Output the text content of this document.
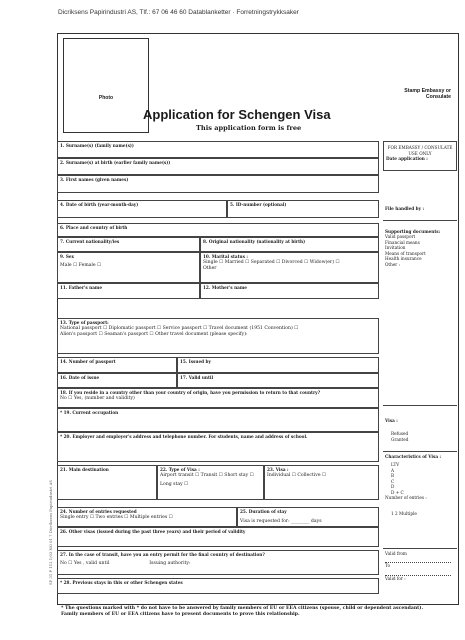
Dicriksens Papirindustri AS, Tlf.: 67 06 46 60 Datablanketter · Forretningstrykksaker
Photo
Stamp Embassy or Consulate
Application for Schengen Visa
This application form is free
1. Surname(s) (family name(s))
2. Surname(s) at birth (earlier family name(s))
3. First names (given names)
4. Date of birth (year-month-day)	5. ID-number (optional)
6. Place and country of birth
7. Current nationality/ies	8. Original nationality (nationality at birth)
9. Sex
Male ☐ Female ☐
10. Marital status :
Single ☐ Married ☐ Separated ☐ Divorced ☐ Widow(er) ☐
Other
11. Father's name	12. Mother's name
13. Type of passport:
National passport ☐ Diplomatic passport ☐ Service passport ☐ Travel document (1951 Convention) ☐
Alien's passport ☐ Seaman's passport ☐ Other travel document (please specify):
14. Number of passport	15. Issued by
16. Date of issue	17. Valid until
18. If you reside in a country other than your country of origin, have you permission to return to that country?
No ☐ Yes, (number and validity)
* 19. Current occupation
* 20. Employer and employer's address and telephone number. For students, name and address of school.
21. Main destination	22. Type of Visa :
Airport transit ☐ Transit ☐ Short stay ☐
Long stay ☐
23. Visa :
Individual ☐ Collective ☐
24. Number of entries requested
Single entry ☐ Two entries ☐ Multiple entries ☐
25. Duration of stay
Visa is requested for: ________ days
26. Other visas (issued during the past three years) and their period of validity
27. In the case of transit, have you an entry permit for the final country of destination?
No ☐ Yes , valid until	Issuing authority:
* 28. Previous stays in this or other Schengen states
FOR EMBASSY / CONSULATE USE ONLY
Date application :
File handled by :
Supporting documents:
Valid passport
Financial means
Invitation
Means of transport
Health insurance
Other :
Visa :
Refused
Granted
Characteristics of Visa :
LTV
A
B
C
D
D + C
Number of entries :
1 2 Multiple
Valid from
To
Valid for :
SP 31 F 112 1/03 NO 01 7 Dicriksens Papirindustri AS
* The questions marked with * do not have to be answered by family members of EU or EEA citizens (spouse, child or dependent ascendant). Family members of EU or EEA citizens have to present documents to prove this relationship.
